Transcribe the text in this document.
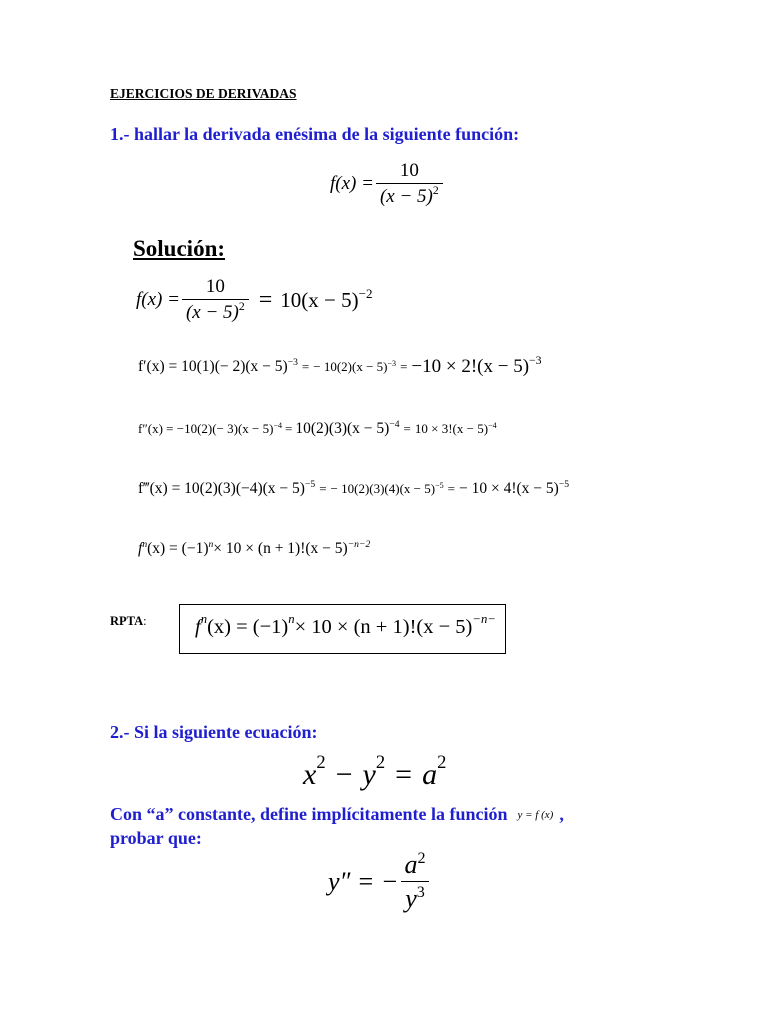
EJERCICIOS DE DERIVADAS
1.- hallar la derivada enésima de la siguiente función:
$f(x) = \frac{10}{(x - 5)^2}$
Solución:
$f(x) = \frac{10}{(x - 5)^2} = 10(x - 5)^{-2}$
$f'(x) = 10(1)(- 2)(x - 5)^{-3}$ = − $10(2)(x - 5)^{-3} = -10 \times 2!(x - 5)^{-3}$
$f''(x) = -10(2)(- 3)(x - 5)^{-4} = 10(2)(3)(x - 5)^{-4} = 10 \times 3!(x - 5)^{-4}$
f‴(x) = $10(2)(3)(-4)(x - 5)^{-5}$ = − $10(2)(3)(4)(x - 5)^{-5}$ = − $10 \times 4!(x - 5)^{-5}$
$f^n(x) = (-1)^n\times 10 \times (n + 1)!(x - 5)^{-n-2}$
RPTA: $f^n$ $(x) = (-1)^n \times 10 \times (n + 1)!(x - 5)^{-n-}$
2.- Si la siguiente ecuación:
$x^2 - y^2 = a^2$
Con “a” constante, define implícitamente la función y = f (x) ,
probar que:
y″ = − $\frac{a^2}{y^3}$
